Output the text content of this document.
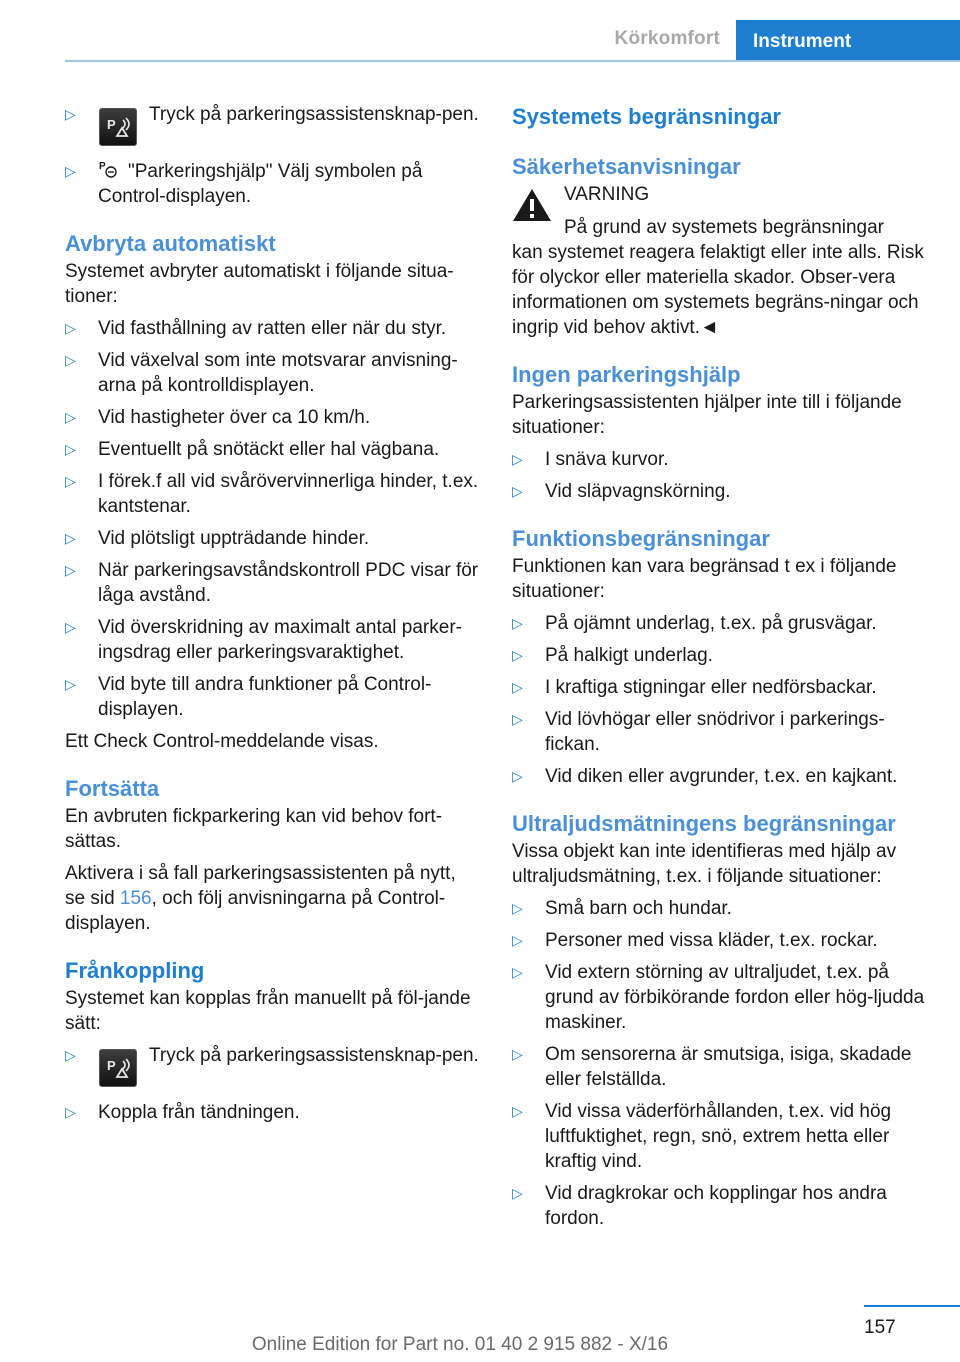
Körkomfort	Instrument
▷
P Tryck på parkeringsassistensknap-pen.
▷ P "Parkeringshjälp" Välj symbolen på Control-displayen.
Avbryta automatiskt

Systemet avbryter automatiskt i följande situa-tioner:

▷ Vid fasthållning av ratten eller när du styr.
▷ Vid växelval som inte motsvarar anvisning-arna på kontrolldisplayen.
▷ Vid hastigheter över ca 10 km/h.
▷ Eventuellt på snötäckt eller hal vägbana.
▷ I förek.f all vid svårövervinnerliga hinder, t.ex. kantstenar.
▷ Vid plötsligt uppträdande hinder.
▷ När parkeringsavståndskontroll PDC visar för låga avstånd.
▷ Vid överskridning av maximalt antal parker-ingsdrag eller parkeringsvaraktighet.
▷ Vid byte till andra funktioner på Control-displayen.

Ett Check Control-meddelande visas.

Fortsätta

En avbruten fickparkering kan vid behov fort-sättas.

Aktivera i så fall parkeringsassistenten på nytt, se sid 156, och följ anvisningarna på Control-displayen.

Frånkoppling

Systemet kan kopplas från manuellt på föl-jande sätt:

▷
P Tryck på parkeringsassistensknap-pen.
▷ Koppla från tändningen.
Systemets begränsningar
Säkerhetsanvisningar
VARNING
På grund av systemets begränsningar
kan systemet reagera felaktigt eller inte alls. Risk för olyckor eller materiella skador. Obser-vera informationen om systemets begräns-ningar och ingrip vid behov aktivt.◄
Ingen parkeringshjälp

Parkeringsassistenten hjälper inte till i följande situationer:

▷ I snäva kurvor.
▷ Vid släpvagnskörning.
Funktionsbegränsningar

Funktionen kan vara begränsad t ex i följande situationer:

▷ På ojämnt underlag, t.ex. på grusvägar.
▷ På halkigt underlag.
▷ I kraftiga stigningar eller nedförsbackar.
▷ Vid lövhögar eller snödrivor i parkerings-fickan.
▷ Vid diken eller avgrunder, t.ex. en kajkant.
Ultraljudsmätningens begränsningar

Vissa objekt kan inte identifieras med hjälp av ultraljudsmätning, t.ex. i följande situationer:

▷ Små barn och hundar.
▷ Personer med vissa kläder, t.ex. rockar.
▷ Vid extern störning av ultraljudet, t.ex. på grund av förbikörande fordon eller hög-ljudda maskiner.
▷ Om sensorerna är smutsiga, isiga, skadade eller felställda.
▷ Vid vissa väderförhållanden, t.ex. vid hög luftfuktighet, regn, snö, extrem hetta eller kraftig vind.
▷ Vid dragkrokar och kopplingar hos andra fordon.
157
Online Edition for Part no. 01 40 2 915 882 - X/16
